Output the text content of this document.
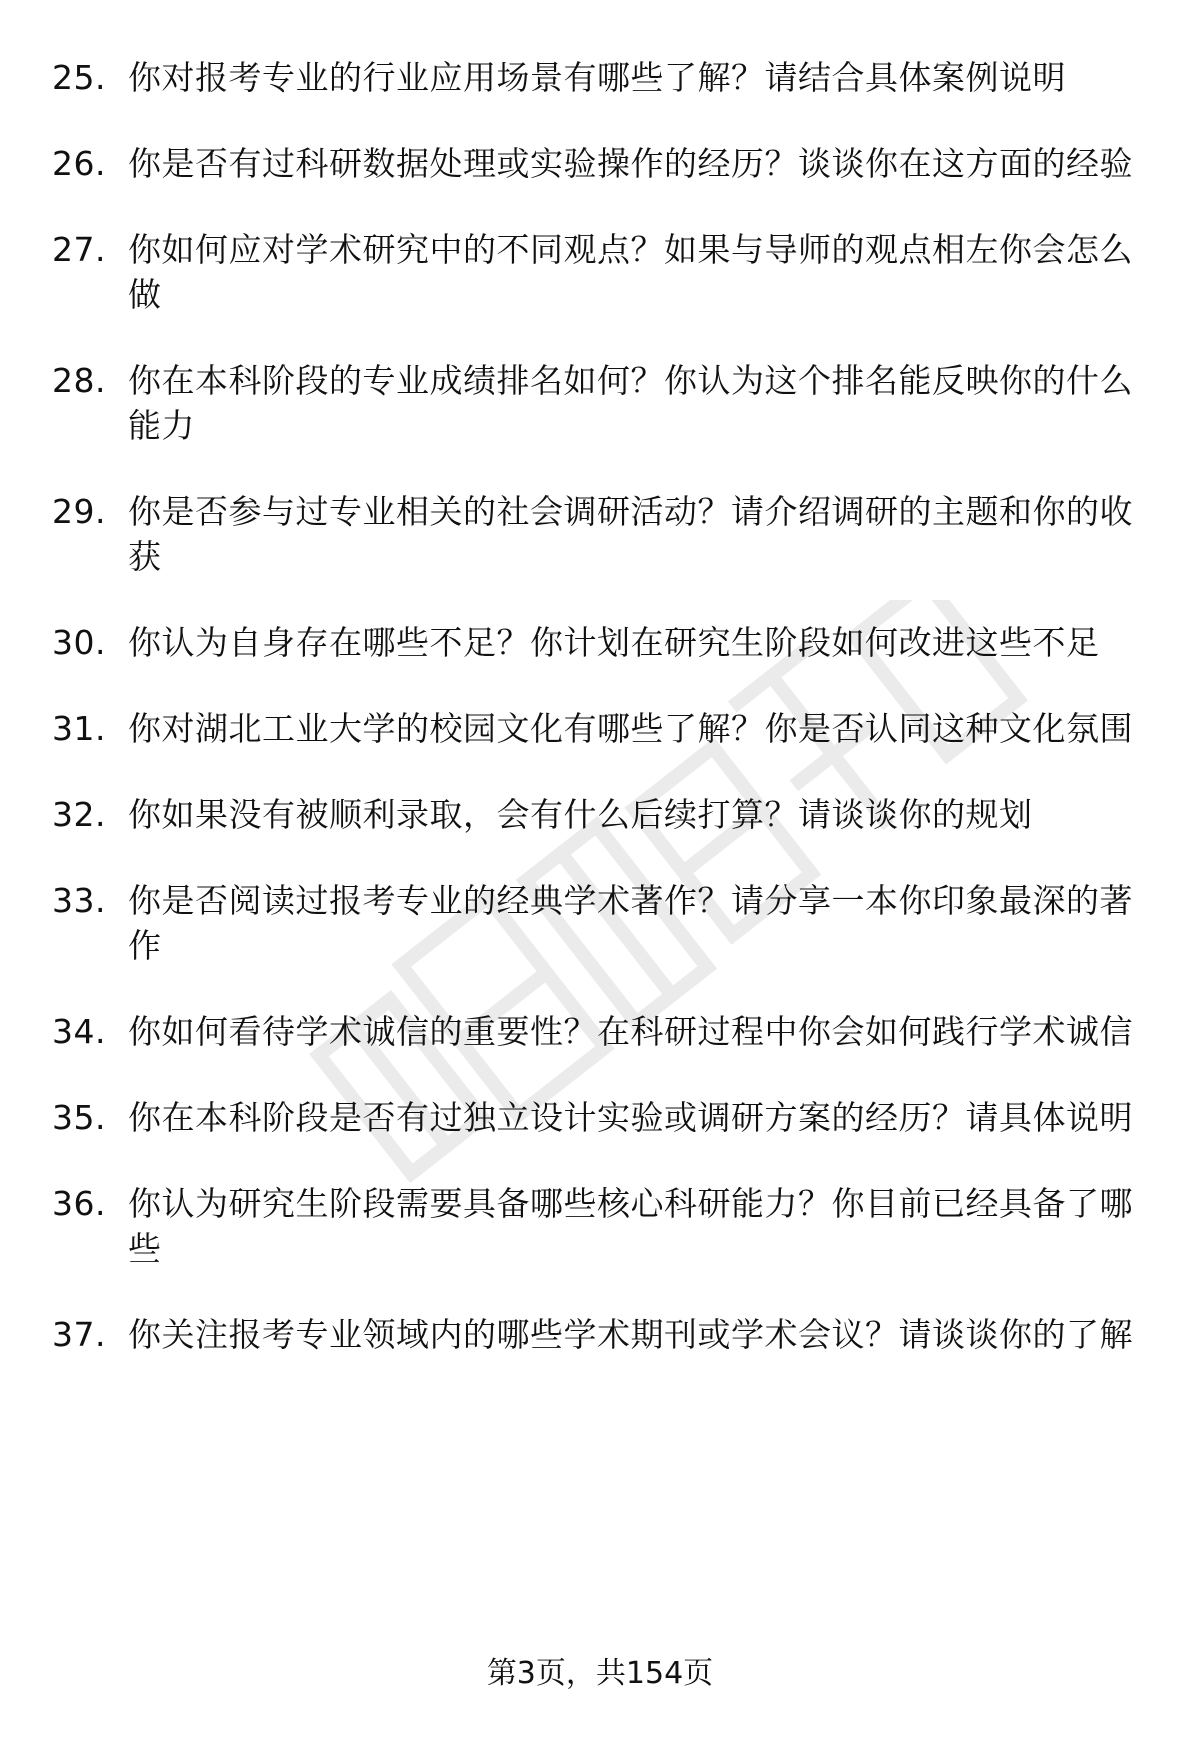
25. 你对报考专业的行业应用场景有哪些了解？请结合具体案例说明
26. 你是否有过科研数据处理或实验操作的经历？谈谈你在这方面的经验
27. 你如何应对学术研究中的不同观点？如果与导师的观点相左你会怎么做
28. 你在本科阶段的专业成绩排名如何？你认为这个排名能反映你的什么能力
29. 你是否参与过专业相关的社会调研活动？请介绍调研的主题和你的收获
30. 你认为自身存在哪些不足？你计划在研究生阶段如何改进这些不足
31. 你对湖北工业大学的校园文化有哪些了解？你是否认同这种文化氛围
32. 你如果没有被顺利录取，会有什么后续打算？请谈谈你的规划
33. 你是否阅读过报考专业的经典学术著作？请分享一本你印象最深的著作
34. 你如何看待学术诚信的重要性？在科研过程中你会如何践行学术诚信
35. 你在本科阶段是否有过独立设计实验或调研方案的经历？请具体说明
36. 你认为研究生阶段需要具备哪些核心科研能力？你目前已经具备了哪些
37. 你关注报考专业领域内的哪些学术期刊或学术会议？请谈谈你的了解
第3页，共154页
